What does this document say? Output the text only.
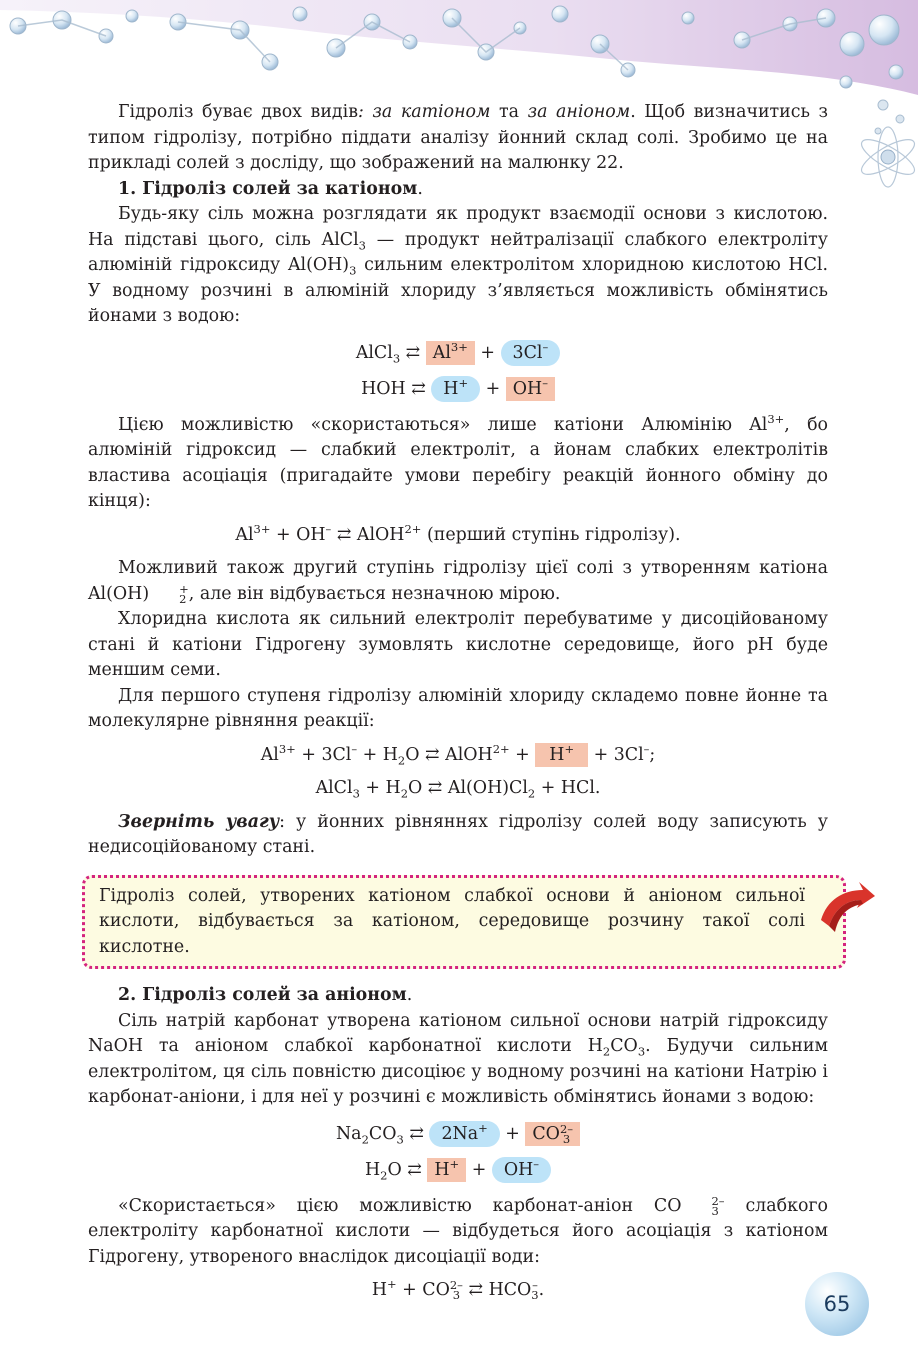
Гідроліз буває двох видів: за катіоном та за аніоном. Щоб визначитись з типом гідролізу, потрібно піддати аналізу йонний склад солі. Зробимо це на прикладі солей з досліду, що зображений на малюнку 22.

1. Гідроліз солей за катіоном.

Будь-яку сіль можна розглядати як продукт взаємодії основи з кислотою. На підставі цього, сіль AlCl$_3$ — продукт нейтралізації слабкого електроліту алюміній гідроксиду $Al(OH)_3$ сильним електролітом хлоридною кислотою HCl. У водному розчині в алюміній хлориду з’являється можливість обмінятись йонами з водою:

AlCl$_3$ ⇄ $Al^{3+} + 3Cl^-$
HOH ⇄ H+ + OH–

Цією можливістю «скористаються» лише катіони Алюмінію $Al^{3+}$, бо алюміній гідроксид — слабкий електроліт, а йонам слабких електролітів властива асоціація (пригадайте умови перебігу реакцій йонного обміну до кінця):

$Al^{3+} + OH^-$ ⇄ AlOH$^{2+}$ (перший ступінь гідролізу).

Можливий також другий ступінь гідролізу цієї солі з утворенням катіона Al(OH)	+
2 , але він відбувається незначною мірою.

Хлоридна кислота як сильний електроліт перебуватиме у дисоційованому стані й катіони Гідрогену зумовлять кислотне середовище, його pH буде меншим семи.

Для першого ступеня гідролізу алюміній хлориду складемо повне йонне та молекулярне рівняння реакції:

$Al^{3+} + 3Cl^- + H_2O$ ⇄ AlOH$^{2+}$ + H+ + 3Cl–;
AlCl$_3$ + $H_2O$ ⇄ $Al(OH)Cl_2$ + HCl.

Зверніть увагу: у йонних рівняннях гідролізу солей воду записують у недисоційованому стані.

Гідроліз солей, утворених катіоном слабкої основи й аніоном сильної кислоти, відбувається за катіоном, середовище розчину такої солі кислотне.

2. Гідроліз солей за аніоном.

Сіль натрій карбонат утворена катіоном сильної основи натрій гідроксиду NaOH та аніоном слабкої карбонатної кислоти $H_2CO_3$. Будучи сильним електролітом, ця сіль повністю дисоціює у водному розчині на катіони Натрію і карбонат-аніони, і для неї у розчині є можливість обмінятись йонами з водою:

$Na_2CO_3$ ⇄ 2Na+ + CO 2–
3
$H_2O$ ⇄ H+ + OH–

«Скористається» цією можливістю карбонат-аніон CO	2–
3 слабкого електроліту карбонатної кислоти — відбудеться його асоціація з катіоном Гідрогену, утвореного внаслідок дисоціації води:

H+ + CO 2–
3 ⇄ HCO –
3 .
65
